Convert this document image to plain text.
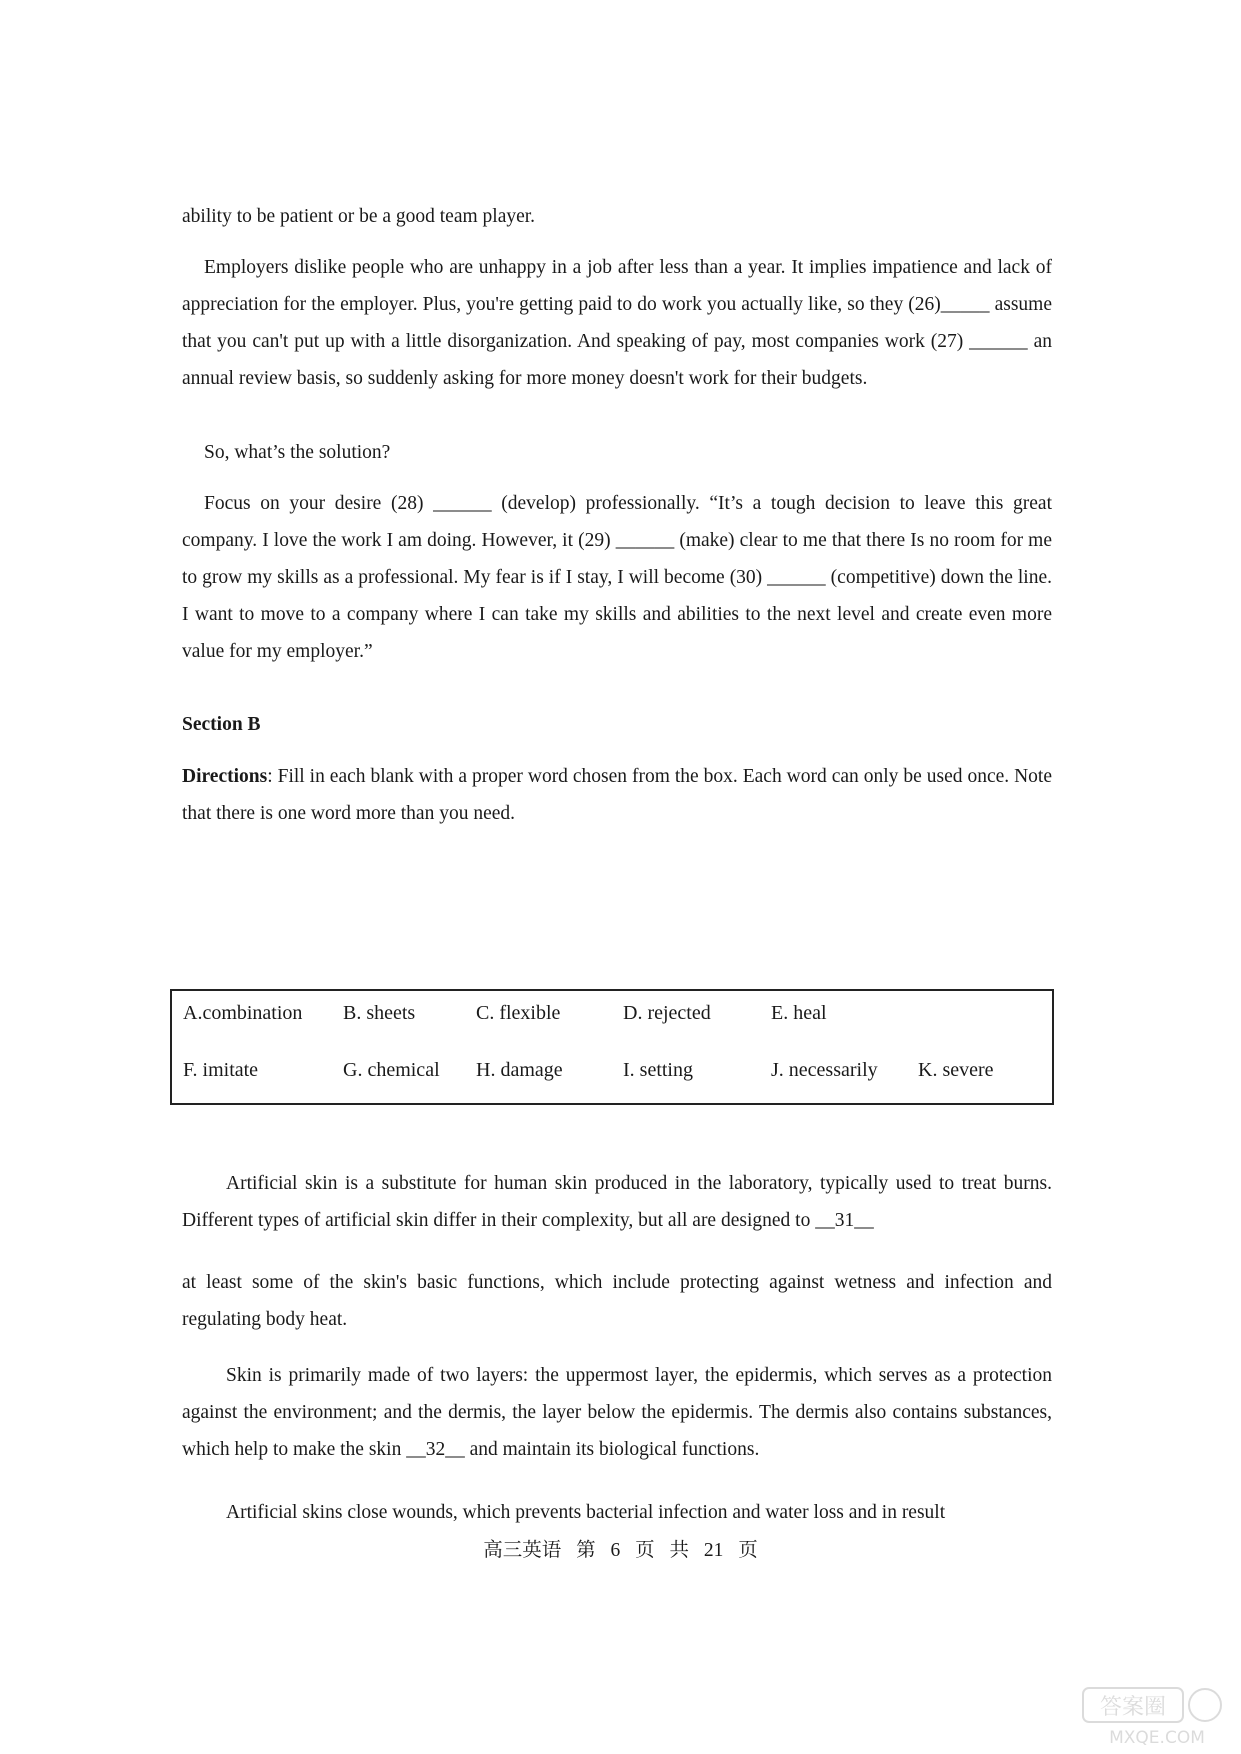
ability to be patient or be a good team player.

Employers dislike people who are unhappy in a job after less than a year. It implies impatience and lack of appreciation for the employer. Plus, you're getting paid to do work you actually like, so they (26)_____ assume that you can't put up with a little disorganization. And speaking of pay, most companies work (27) ______ an annual review basis, so suddenly asking for more money doesn't work for their budgets.

So, what’s the solution?

Focus on your desire (28) ______ (develop) professionally. “It’s a tough decision to leave this great company. I love the work I am doing. However, it (29) ______ (make) clear to me that there Is no room for me to grow my skills as a professional. My fear is if I stay, I will become (30) ______ (competitive) down the line. I want to move to a company where I can take my skills and abilities to the next level and create even more value for my employer.”

Section B

Directions: Fill in each blank with a proper word chosen from the box. Each word can only be used once. Note that there is one word more than you need.

A.combination B. sheets	C. flexible	D. rejected	E. heal
F. imitate	G. chemical H. damage	I. setting	J. necessarily K. severe

Artificial skin is a substitute for human skin produced in the laboratory, typically used to treat burns. Different types of artificial skin differ in their complexity, but all are designed to __31__

at least some of the skin's basic functions, which include protecting against wetness and infection and regulating body heat.

Skin is primarily made of two layers: the uppermost layer, the epidermis, which serves as a protection against the environment; and the dermis, the layer below the epidermis. The dermis also contains substances, which help to make the skin __32__ and maintain its biological functions.

Artificial skins close wounds, which prevents bacterial infection and water loss and in result

高三英语 第 6 页 共 21 页
答案圈
MXQE.COM
